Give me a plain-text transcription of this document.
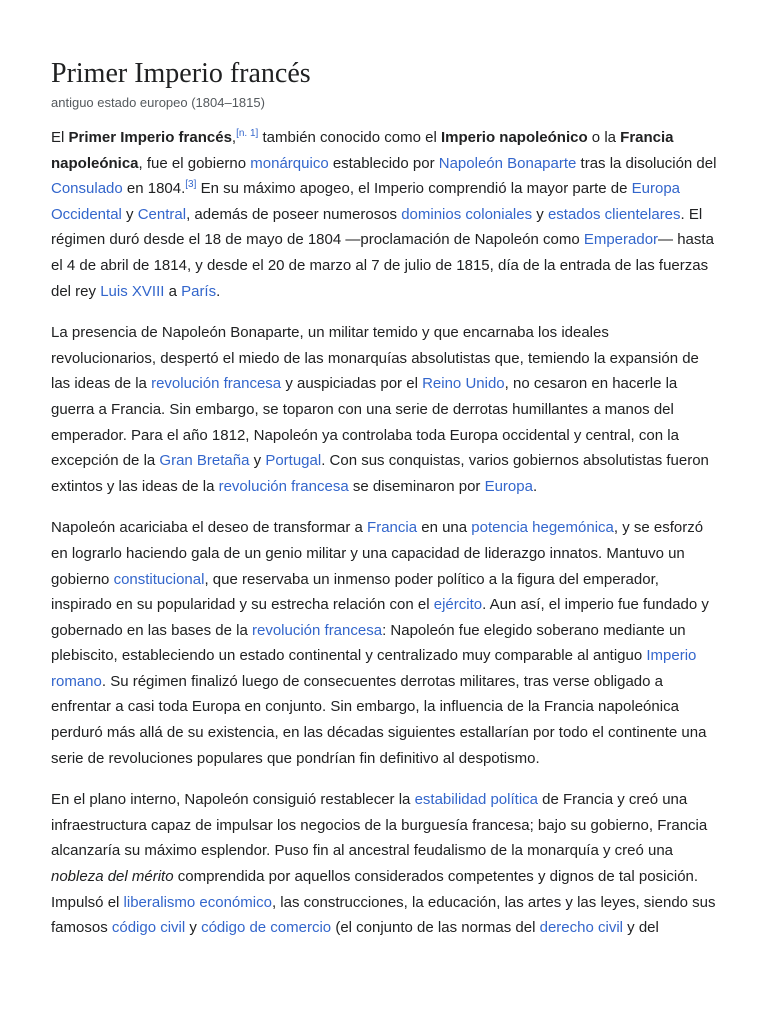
Primer Imperio francés
antiguo estado europeo (1804–1815)

El Primer Imperio francés,[n. 1] también conocido como el Imperio napoleónico o la Francia napoleónica, fue el gobierno monárquico establecido por Napoleón Bonaparte tras la disolución del Consulado en 1804.[3] En su máximo apogeo, el Imperio comprendió la mayor parte de Europa Occidental y Central, además de poseer numerosos dominios coloniales y estados clientelares. El régimen duró desde el 18 de mayo de 1804 —proclamación de Napoleón como Emperador— hasta el 4 de abril de 1814, y desde el 20 de marzo al 7 de julio de 1815, día de la entrada de las fuerzas del rey Luis XVIII a París.

La presencia de Napoleón Bonaparte, un militar temido y que encarnaba los ideales revolucionarios, despertó el miedo de las monarquías absolutistas que, temiendo la expansión de las ideas de la revolución francesa y auspiciadas por el Reino Unido, no cesaron en hacerle la guerra a Francia. Sin embargo, se toparon con una serie de derrotas humillantes a manos del emperador. Para el año 1812, Napoleón ya controlaba toda Europa occidental y central, con la excepción de la Gran Bretaña y Portugal. Con sus conquistas, varios gobiernos absolutistas fueron extintos y las ideas de la revolución francesa se diseminaron por Europa.

Napoleón acariciaba el deseo de transformar a Francia en una potencia hegemónica, y se esforzó en lograrlo haciendo gala de un genio militar y una capacidad de liderazgo innatos. Mantuvo un gobierno constitucional, que reservaba un inmenso poder político a la figura del emperador, inspirado en su popularidad y su estrecha relación con el ejército. Aun así, el imperio fue fundado y gobernado en las bases de la revolución francesa: Napoleón fue elegido soberano mediante un plebiscito, estableciendo un estado continental y centralizado muy comparable al antiguo Imperio romano. Su régimen finalizó luego de consecuentes derrotas militares, tras verse obligado a enfrentar a casi toda Europa en conjunto. Sin embargo, la influencia de la Francia napoleónica perduró más allá de su existencia, en las décadas siguientes estallarían por todo el continente una serie de revoluciones populares que pondrían fin definitivo al despotismo.

En el plano interno, Napoleón consiguió restablecer la estabilidad política de Francia y creó una infraestructura capaz de impulsar los negocios de la burguesía francesa; bajo su gobierno, Francia alcanzaría su máximo esplendor. Puso fin al ancestral feudalismo de la monarquía y creó una nobleza del mérito comprendida por aquellos considerados competentes y dignos de tal posición. Impulsó el liberalismo económico, las construcciones, la educación, las artes y las leyes, siendo sus famosos código civil y código de comercio (el conjunto de las normas del derecho civil y del
